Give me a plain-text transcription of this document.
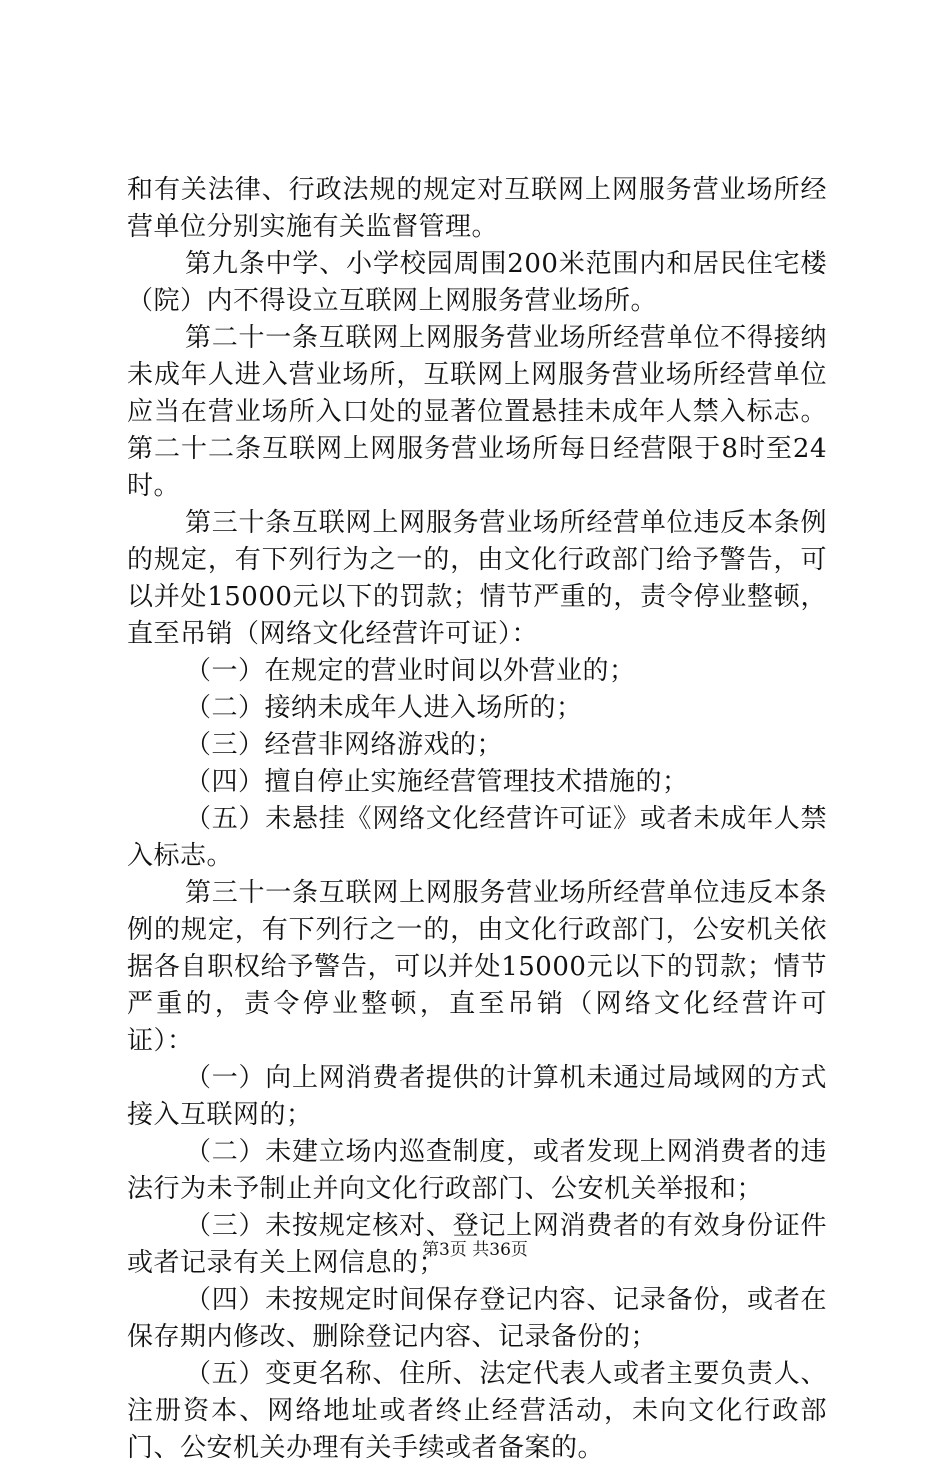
和有关法律、行政法规的规定对互联网上网服务营业场所经营单位分别实施有关监督管理。

第九条中学、小学校园周围200米范围内和居民住宅楼（院）内不得设立互联网上网服务营业场所。

第二十一条互联网上网服务营业场所经营单位不得接纳未成年人进入营业场所，互联网上网服务营业场所经营单位应当在营业场所入口处的显著位置悬挂未成年人禁入标志。第二十二条互联网上网服务营业场所每日经营限于8时至24时。

第三十条互联网上网服务营业场所经营单位违反本条例的规定，有下列行为之一的，由文化行政部门给予警告，可以并处15000元以下的罚款；情节严重的，责令停业整顿，直至吊销（网络文化经营许可证）：

（一）在规定的营业时间以外营业的；

（二）接纳未成年人进入场所的；

（三）经营非网络游戏的；

（四）擅自停止实施经营管理技术措施的；

（五）未悬挂《网络文化经营许可证》或者未成年人禁入标志。

第三十一条互联网上网服务营业场所经营单位违反本条例的规定，有下列行之一的，由文化行政部门，公安机关依据各自职权给予警告，可以并处15000元以下的罚款；情节严重的，责令停业整顿，直至吊销（网络文化经营许可证）：

（一）向上网消费者提供的计算机未通过局域网的方式接入互联网的；

（二）未建立场内巡查制度，或者发现上网消费者的违法行为未予制止并向文化行政部门、公安机关举报和；

（三）未按规定核对、登记上网消费者的有效身份证件或者记录有关上网信息的；

（四）未按规定时间保存登记内容、记录备份，或者在保存期内修改、删除登记内容、记录备份的；

（五）变更名称、住所、法定代表人或者主要负责人、注册资本、网络地址或者终止经营活动，未向文化行政部门、公安机关办理有关手续或者备案的。

第3页 共36页
